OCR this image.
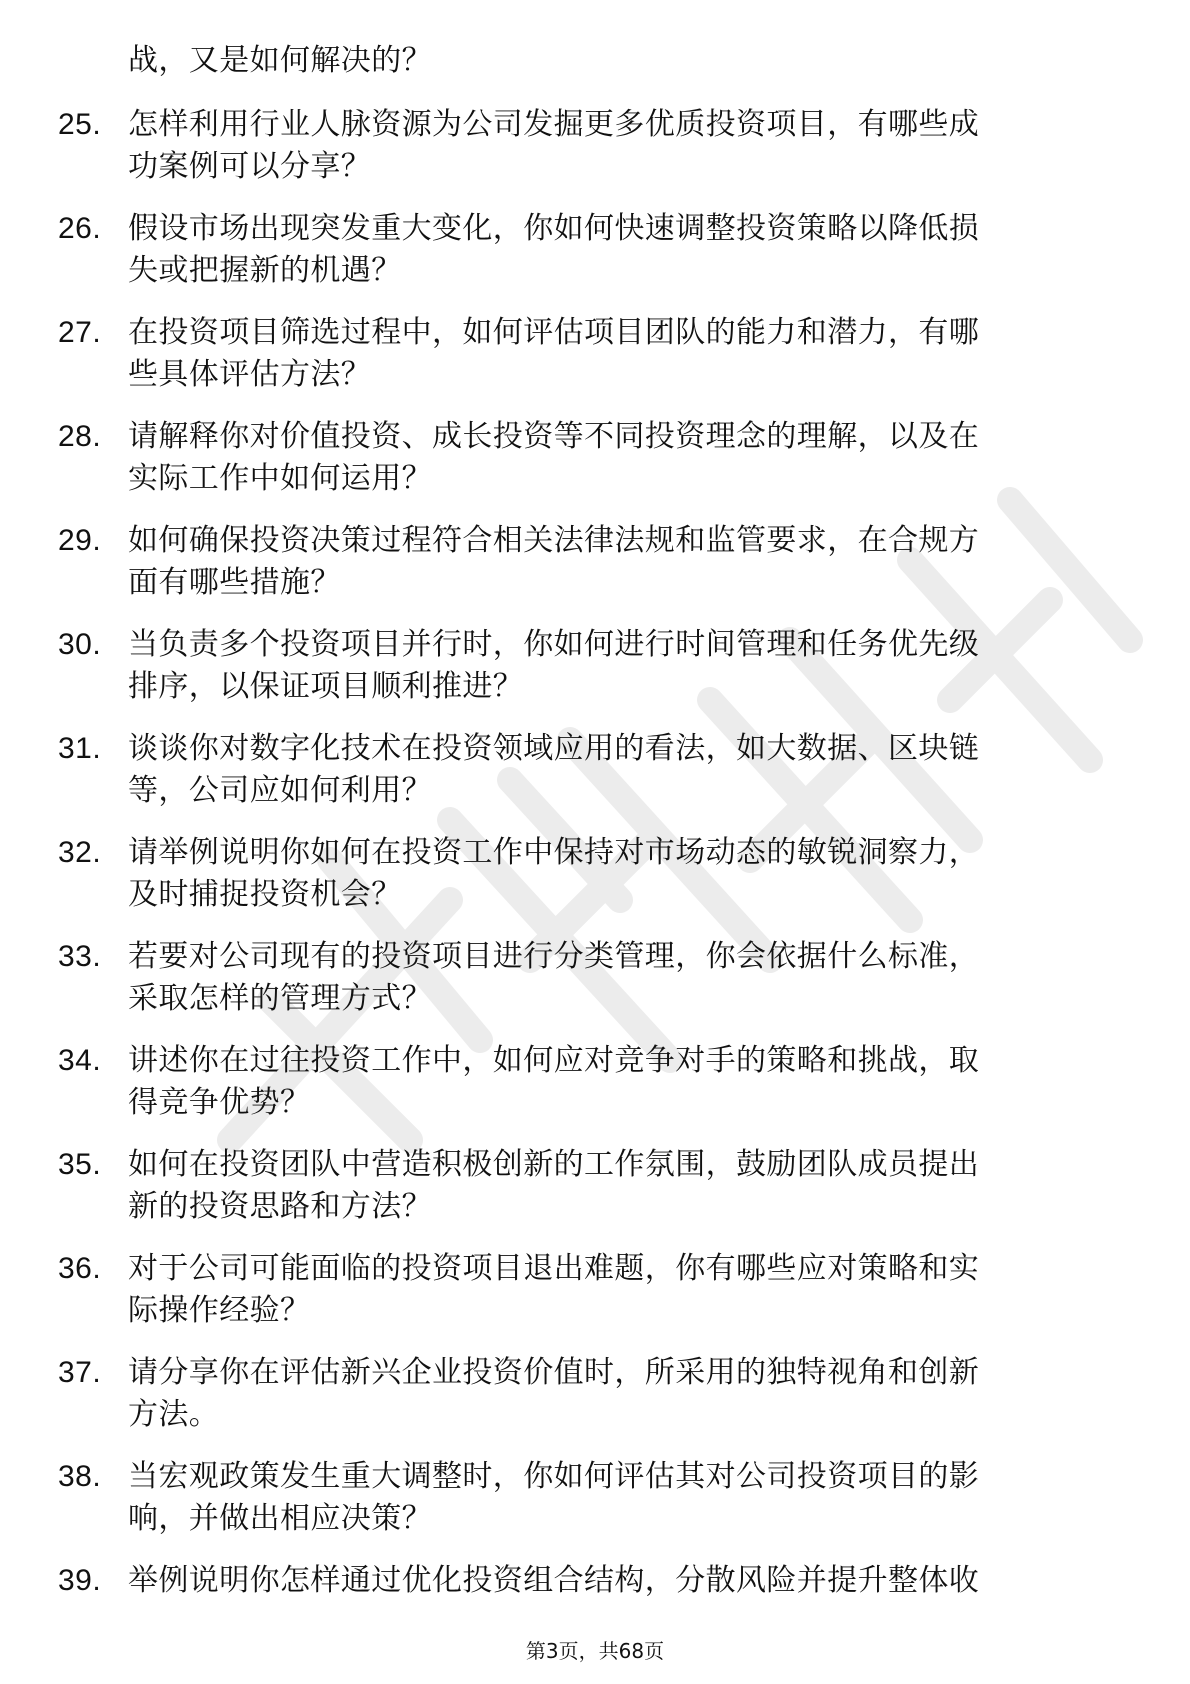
战，又是如何解决的？
25. 怎样利用行业人脉资源为公司发掘更多优质投资项目，有哪些成
功案例可以分享？
26. 假设市场出现突发重大变化，你如何快速调整投资策略以降低损
失或把握新的机遇？
27. 在投资项目筛选过程中，如何评估项目团队的能力和潜力，有哪
些具体评估方法？
28. 请解释你对价值投资、成长投资等不同投资理念的理解，以及在
实际工作中如何运用？
29. 如何确保投资决策过程符合相关法律法规和监管要求，在合规方
面有哪些措施？
30. 当负责多个投资项目并行时，你如何进行时间管理和任务优先级
排序，以保证项目顺利推进？
31. 谈谈你对数字化技术在投资领域应用的看法，如大数据、区块链
等，公司应如何利用？
32. 请举例说明你如何在投资工作中保持对市场动态的敏锐洞察力，
及时捕捉投资机会？
33. 若要对公司现有的投资项目进行分类管理，你会依据什么标准，
采取怎样的管理方式？
34. 讲述你在过往投资工作中，如何应对竞争对手的策略和挑战，取
得竞争优势？
35. 如何在投资团队中营造积极创新的工作氛围，鼓励团队成员提出
新的投资思路和方法？
36. 对于公司可能面临的投资项目退出难题，你有哪些应对策略和实
际操作经验？
37. 请分享你在评估新兴企业投资价值时，所采用的独特视角和创新
方法。
38. 当宏观政策发生重大调整时，你如何评估其对公司投资项目的影
响，并做出相应决策？
39. 举例说明你怎样通过优化投资组合结构，分散风险并提升整体收
第3页，共68页
